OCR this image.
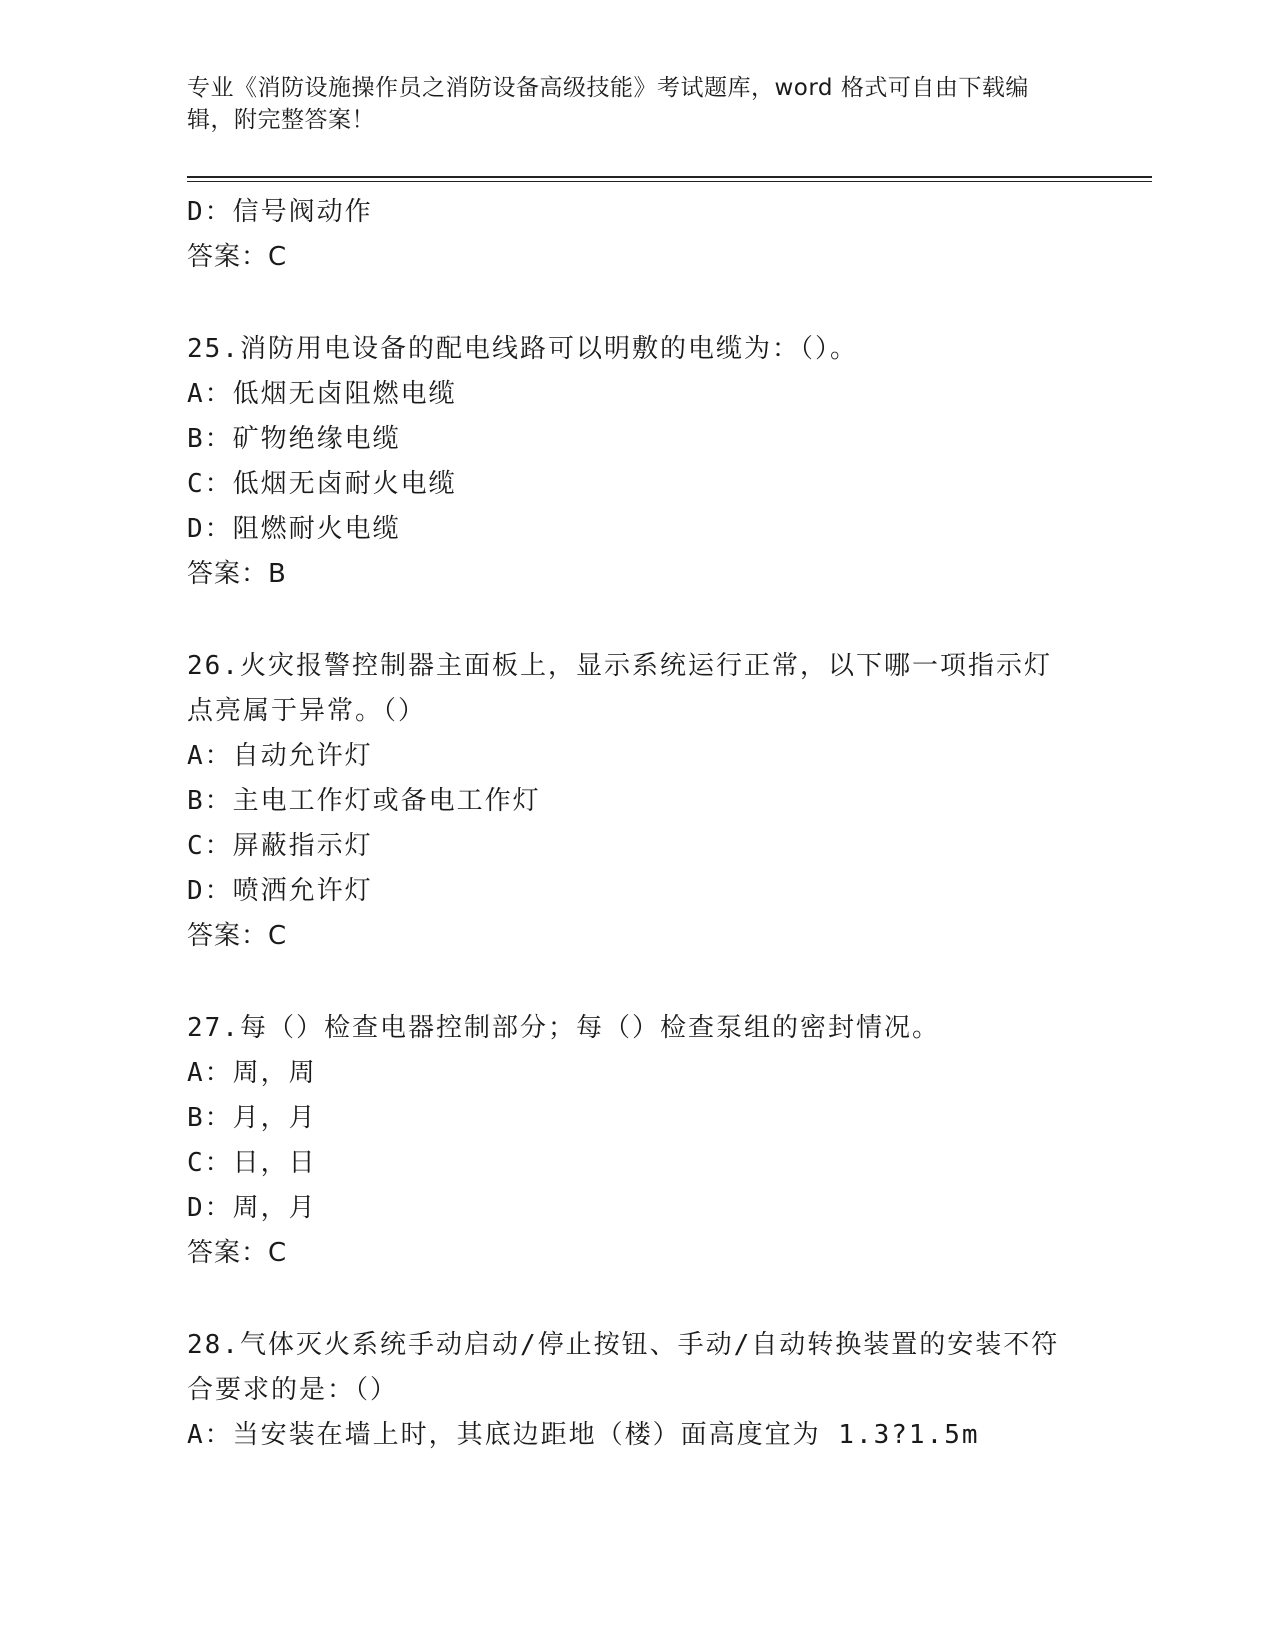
专业《消防设施操作员之消防设备高级技能》考试题库，word 格式可自由下载编
辑，附完整答案！
D：信号阀动作
答案：C
25.消防用电设备的配电线路可以明敷的电缆为：（）。
A：低烟无卤阻燃电缆
B：矿物绝缘电缆
C：低烟无卤耐火电缆
D：阻燃耐火电缆
答案：B
26.火灾报警控制器主面板上，显示系统运行正常，以下哪一项指示灯
点亮属于异常。（）
A：自动允许灯
B：主电工作灯或备电工作灯
C：屏蔽指示灯
D：喷洒允许灯
答案：C
27.每（）检查电器控制部分；每（）检查泵组的密封情况。
A：周，周
B：月，月
C：日，日
D：周，月
答案：C
28.气体灭火系统手动启动/停止按钮、手动/自动转换装置的安装不符
合要求的是：（）
A：当安装在墙上时，其底边距地（楼）面高度宜为 1.3?1.5m
